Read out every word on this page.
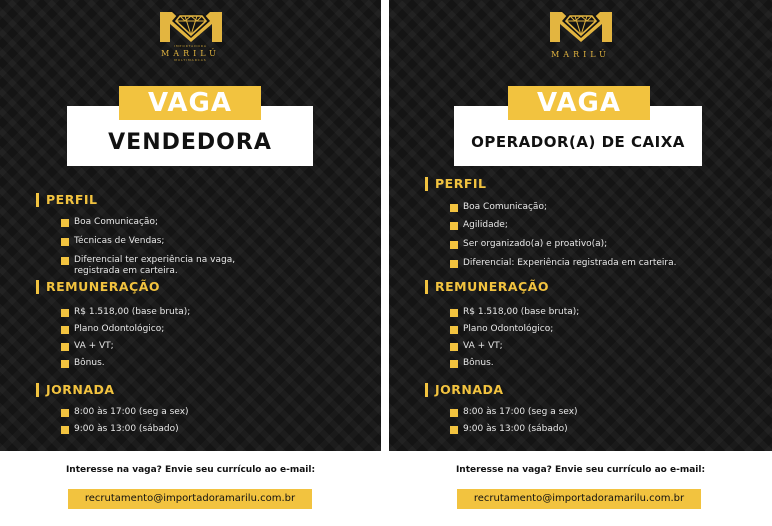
IMPORTADORA
MARILÚ
MULTIMARCAS
VAGA
VENDEDORA
PERFIL
Boa Comunicação;
Técnicas de Vendas;
Diferencial ter experiência na vaga, registrada em carteira.
REMUNERAÇÃO
R$ 1.518,00 (base bruta);
Plano Odontológico;
VA + VT;
Bônus.
JORNADA
8:00 às 17:00 (seg a sex)
9:00 às 13:00 (sábado)
Interesse na vaga? Envie seu currículo ao e-mail:
recrutamento@importadoramarilu.com.br
MARILÚ
VAGA
OPERADOR(A) DE CAIXA
PERFIL
Boa Comunicação;
Agilidade;
Ser organizado(a) e proativo(a);
Diferencial: Experiência registrada em carteira.
REMUNERAÇÃO
R$ 1.518,00 (base bruta);
Plano Odontológico;
VA + VT;
Bônus.
JORNADA
8:00 às 17:00 (seg a sex)
9:00 às 13:00 (sábado)
Interesse na vaga? Envie seu currículo ao e-mail:
recrutamento@importadoramarilu.com.br
